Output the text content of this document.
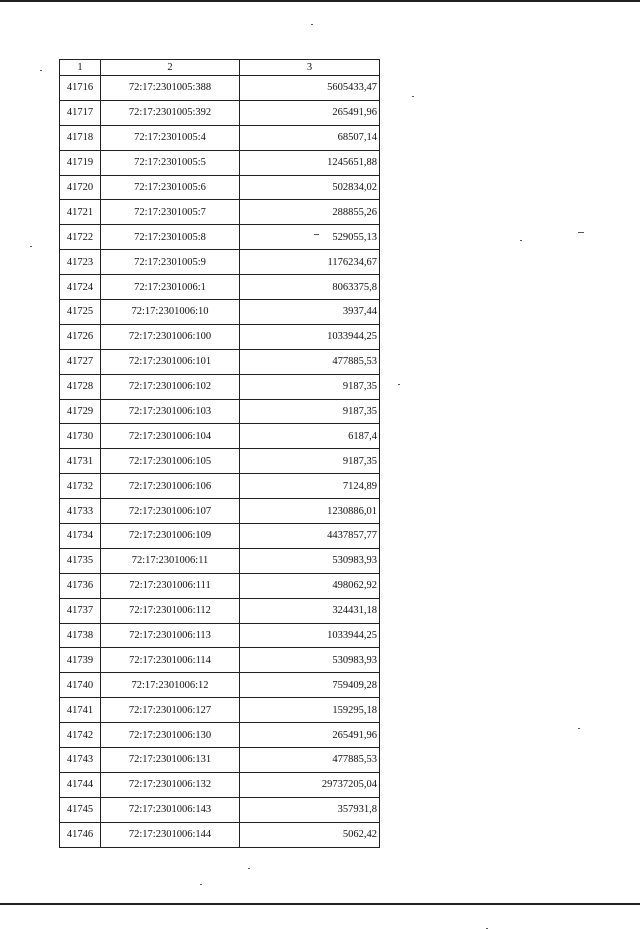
1	2	3
41716	72:17:2301005:388	5605433,47
41717	72:17:2301005:392	265491,96
41718	72:17:2301005:4	68507,14
41719	72:17:2301005:5	1245651,88
41720	72:17:2301005:6	502834,02
41721	72:17:2301005:7	288855,26
41722	72:17:2301005:8	529055,13
41723	72:17:2301005:9	1176234,67
41724	72:17:2301006:1	8063375,8
41725	72:17:2301006:10	3937,44
41726	72:17:2301006:100	1033944,25
41727	72:17:2301006:101	477885,53
41728	72:17:2301006:102	9187,35
41729	72:17:2301006:103	9187,35
41730	72:17:2301006:104	6187,4
41731	72:17:2301006:105	9187,35
41732	72:17:2301006:106	7124,89
41733	72:17:2301006:107	1230886,01
41734	72:17:2301006:109	4437857,77
41735	72:17:2301006:11	530983,93
41736	72:17:2301006:111	498062,92
41737	72:17:2301006:112	324431,18
41738	72:17:2301006:113	1033944,25
41739	72:17:2301006:114	530983,93
41740	72:17:2301006:12	759409,28
41741	72:17:2301006:127	159295,18
41742	72:17:2301006:130	265491,96
41743	72:17:2301006:131	477885,53
41744	72:17:2301006:132	29737205,04
41745	72:17:2301006:143	357931,8
41746	72:17:2301006:144	5062,42
